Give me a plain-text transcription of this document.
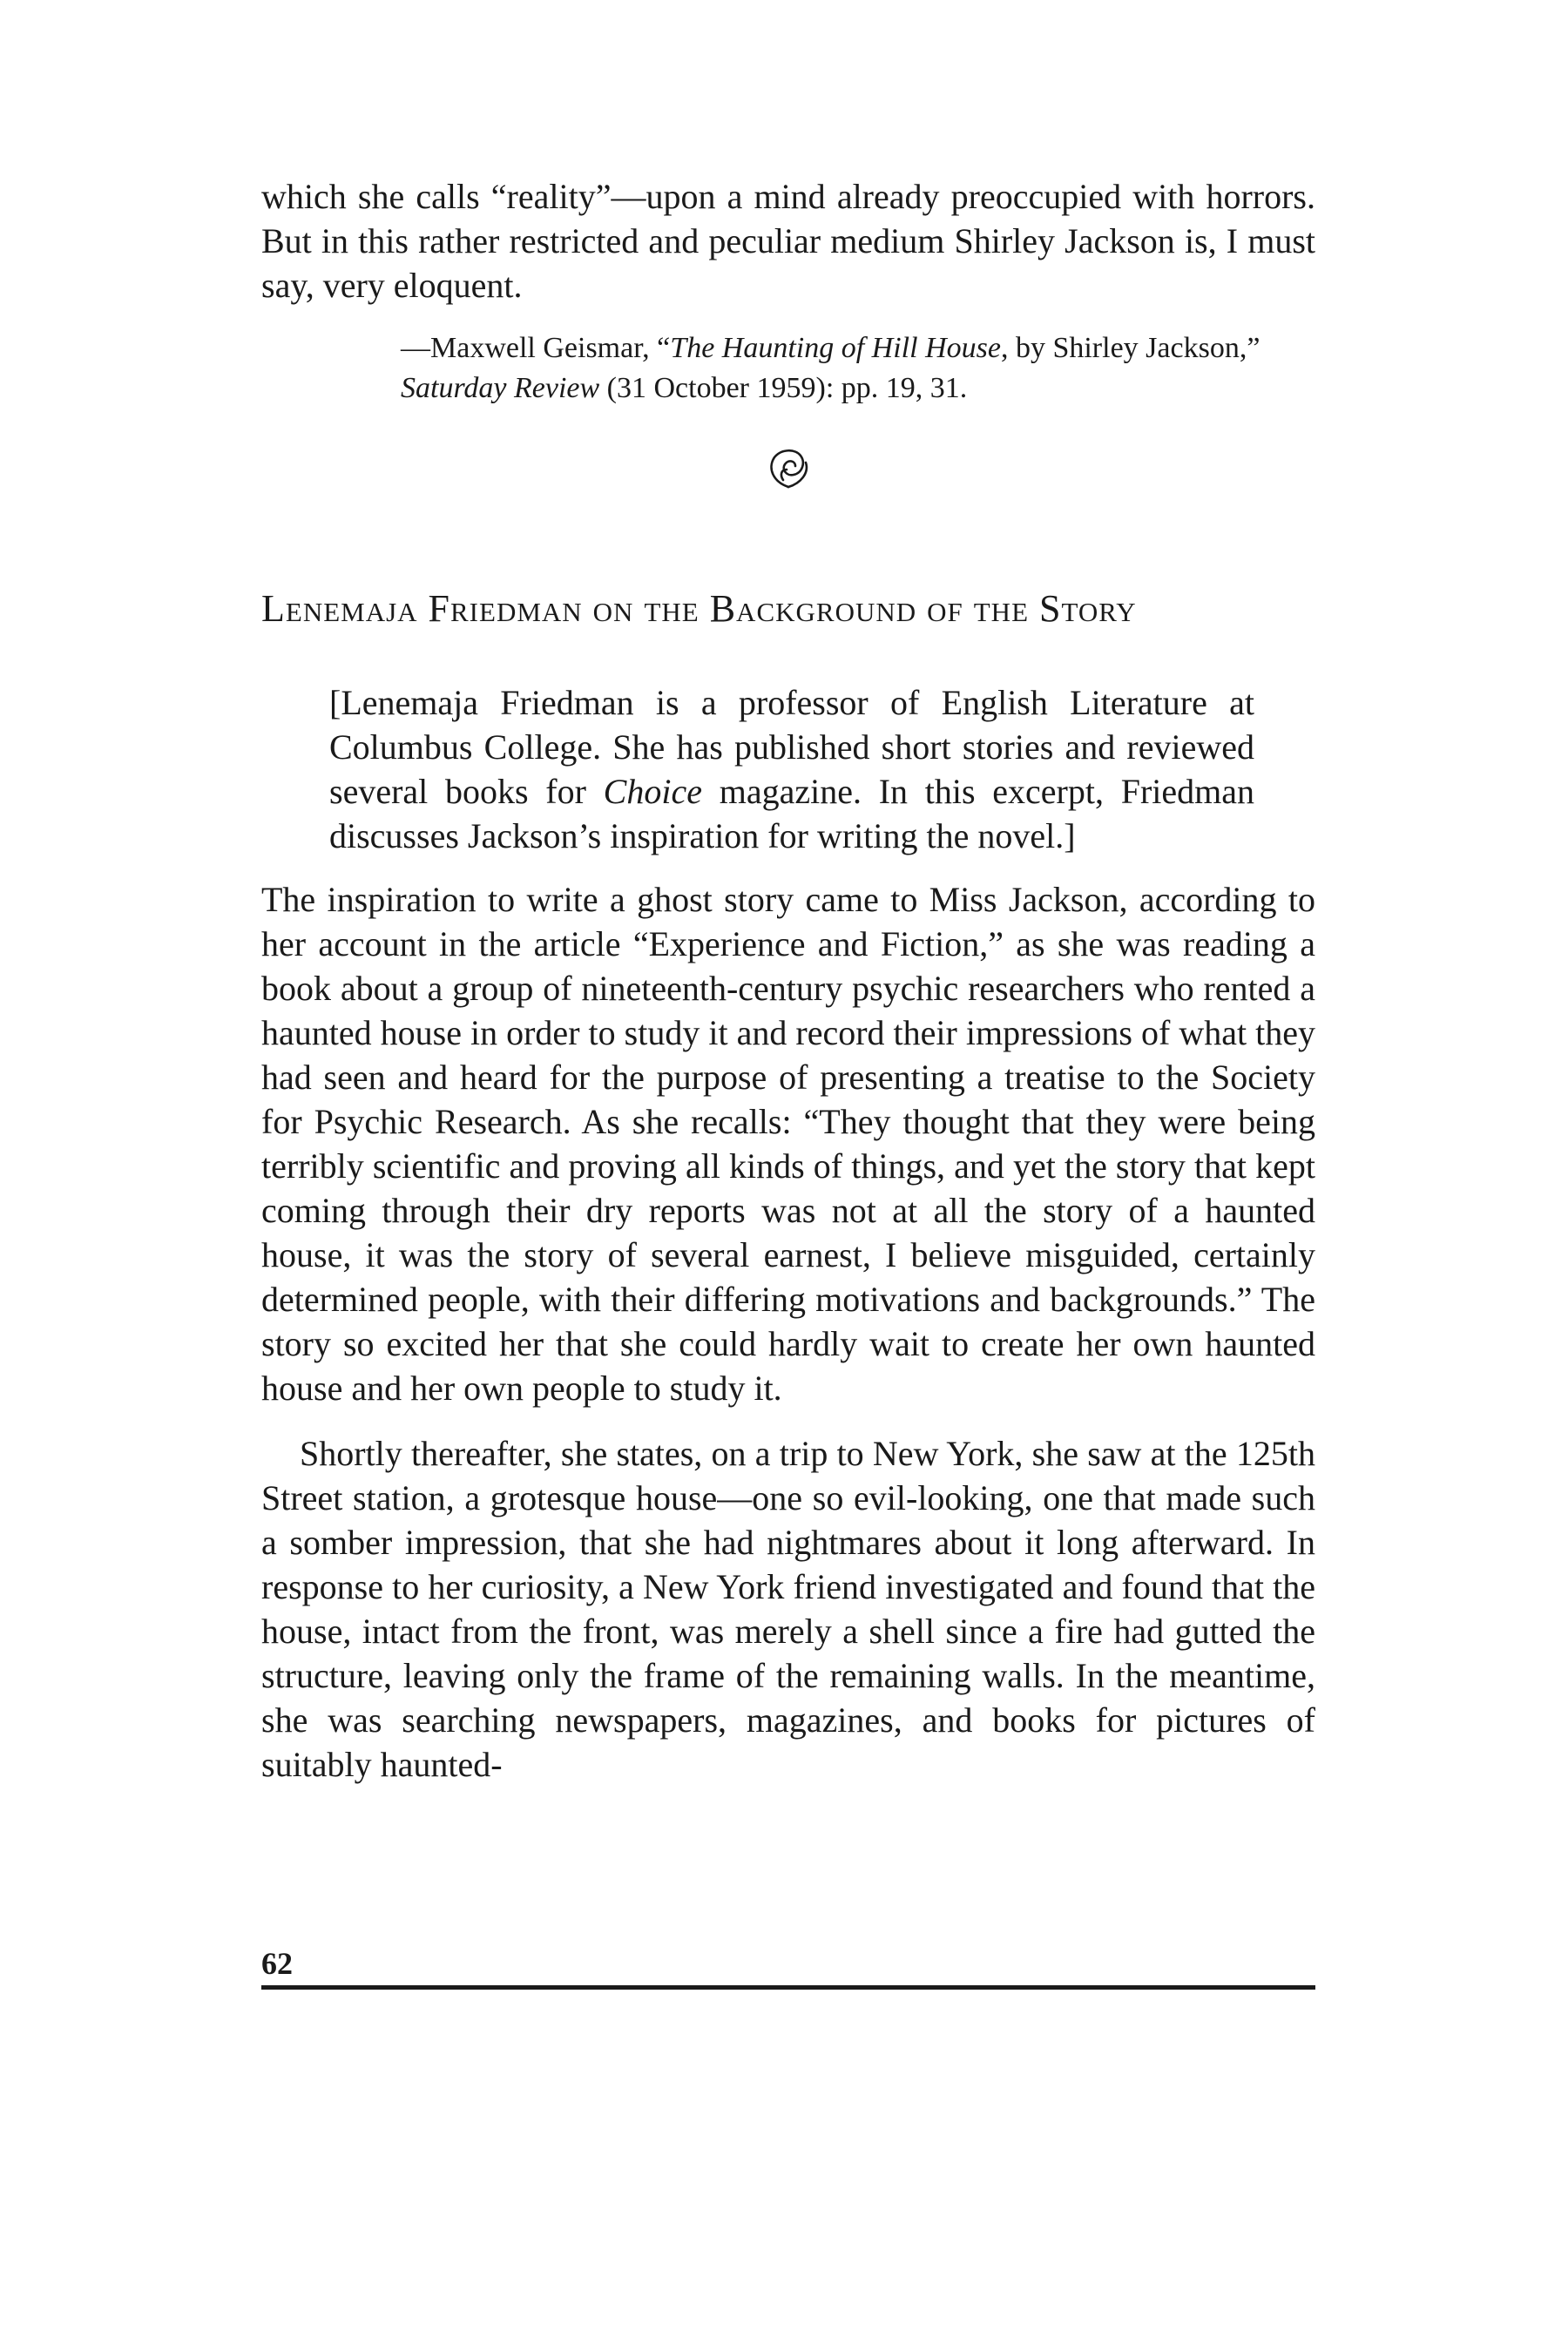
which she calls “reality”—upon a mind already preoccupied with horrors. But in this rather restricted and peculiar medium Shirley Jackson is, I must say, very eloquent.

—Maxwell Geismar, “The Haunting of Hill House, by Shirley Jackson,”
Saturday Review (31 October 1959): pp. 19, 31.
Lenemaja Friedman on the Background of the Story

[Lenemaja Friedman is a professor of English Literature at Columbus College. She has published short stories and reviewed several books for Choice magazine. In this excerpt, Friedman discusses Jackson’s inspiration for writing the novel.]

The inspiration to write a ghost story came to Miss Jackson, according to her account in the article “Experience and Fiction,” as she was reading a book about a group of nineteenth-century psychic researchers who rented a haunted house in order to study it and record their impressions of what they had seen and heard for the purpose of presenting a treatise to the Society for Psychic Research. As she recalls: “They thought that they were being terribly scientific and proving all kinds of things, and yet the story that kept coming through their dry reports was not at all the story of a haunted house, it was the story of several earnest, I believe misguided, certainly determined people, with their differing motivations and backgrounds.” The story so excited her that she could hardly wait to create her own haunted house and her own people to study it.

Shortly thereafter, she states, on a trip to New York, she saw at the 125th Street station, a grotesque house—one so evil-looking, one that made such a somber impression, that she had nightmares about it long afterward. In response to her curiosity, a New York friend investigated and found that the house, intact from the front, was merely a shell since a fire had gutted the structure, leaving only the frame of the remaining walls. In the meantime, she was searching newspapers, magazines, and books for pictures of suitably haunted-

62
